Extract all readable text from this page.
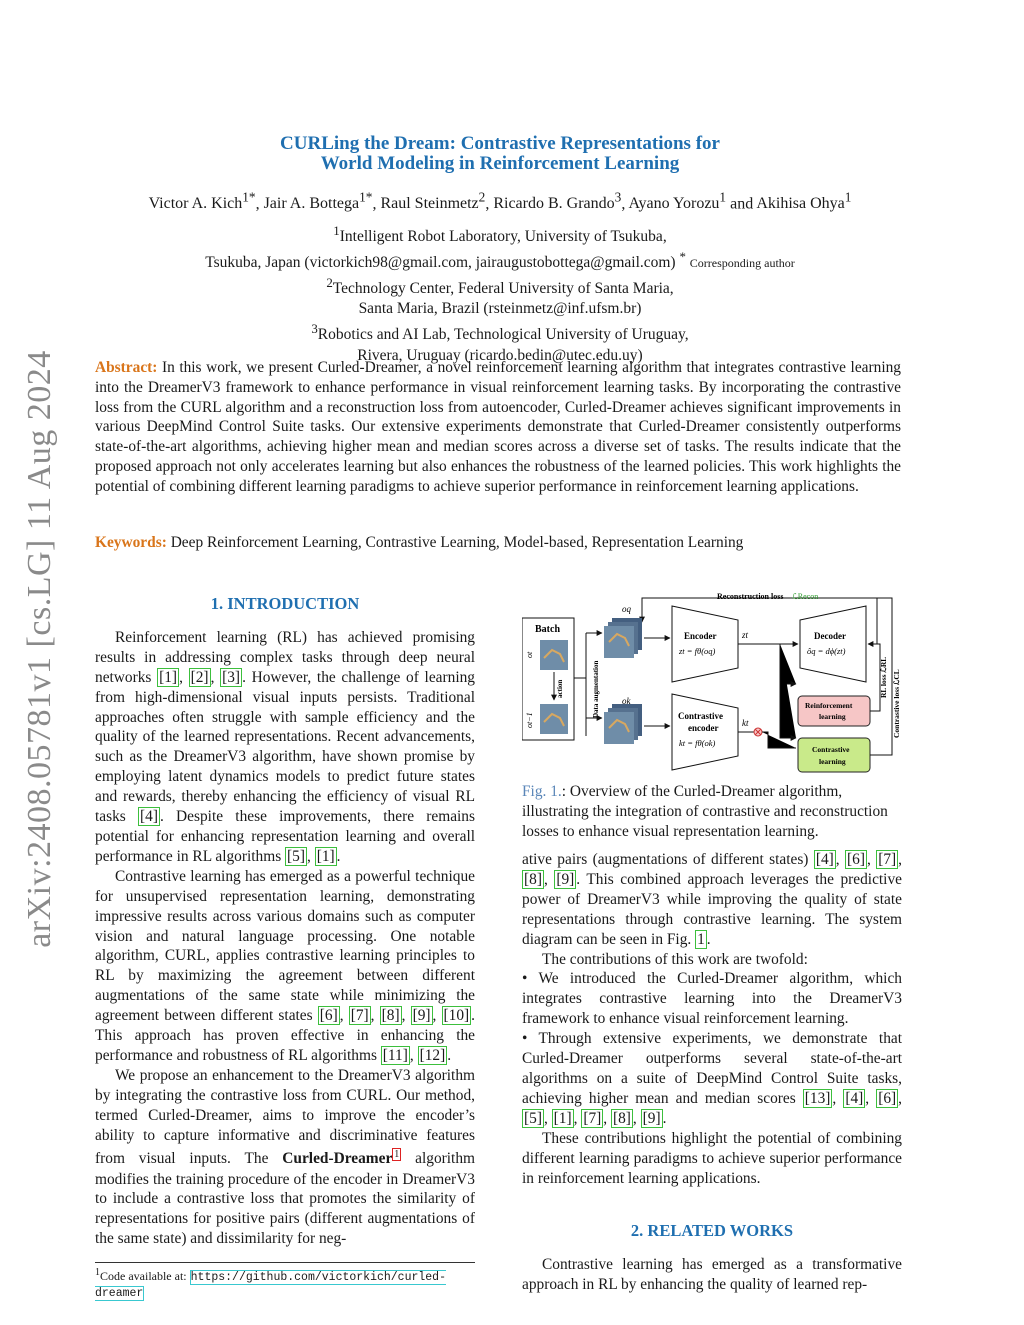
arXiv:2408.05781v1 [cs.LG] 11 Aug 2024
CURLing the Dream: Contrastive Representations for
World Modeling in Reinforcement Learning
Victor A. Kich$^{1*}$, Jair A. Bottega$^{1*}$, Raul Steinmetz$^2$, Ricardo B. Grando$^3$, Ayano Yorozu$^1$ and Akihisa Ohya$^1$
$^1$Intelligent Robot Laboratory, University of Tsukuba,
Tsukuba, Japan (victorkich98@gmail.com, jairaugustobottega@gmail.com) * Corresponding author
$^2$Technology Center, Federal University of Santa Maria,
Santa Maria, Brazil (rsteinmetz@inf.ufsm.br)
$^3$Robotics and AI Lab, Technological University of Uruguay,
Rivera, Uruguay (ricardo.bedin@utec.edu.uy)
Abstract: In this work, we present Curled-Dreamer, a novel reinforcement learning algorithm that integrates contrastive learning into the DreamerV3 framework to enhance performance in visual reinforcement learning tasks. By incorporating the contrastive loss from the CURL algorithm and a reconstruction loss from autoencoder, Curled-Dreamer achieves significant improvements in various DeepMind Control Suite tasks. Our extensive experiments demonstrate that Curled-Dreamer consistently outperforms state-of-the-art algorithms, achieving higher mean and median scores across a diverse set of tasks. The results indicate that the proposed approach not only accelerates learning but also enhances the robustness of the learned policies. This work highlights the potential of combining different learning paradigms to achieve superior performance in reinforcement learning applications.
Keywords: Deep Reinforcement Learning, Contrastive Learning, Model-based, Representation Learning
1. INTRODUCTION

Reinforcement learning (RL) has achieved promising results in addressing complex tasks through deep neural networks [1] , [2] , [3] . However, the challenge of learning from high-dimensional visual inputs persists. Traditional approaches often struggle with sample efficiency and the quality of the learned representations. Recent advancements, such as the DreamerV3 algorithm, have shown promise by employing latent dynamics models to predict future states and rewards, thereby enhancing the efficiency of visual RL tasks [4] . Despite these improvements, there remains potential for enhancing representation learning and overall performance in RL algorithms [5] , [1] .

Contrastive learning has emerged as a powerful technique for unsupervised representation learning, demonstrating impressive results across various domains such as computer vision and natural language processing. One notable algorithm, CURL, applies contrastive learning principles to RL by maximizing the agreement between different augmentations of the same state while minimizing the agreement between different states [6] , [7] , [8] , [9] , [10] . This approach has proven effective in enhancing the performance and robustness of RL algorithms [11] , [12] .

We propose an enhancement to the DreamerV3 algorithm by integrating the contrastive loss from CURL. Our method, termed Curled-Dreamer, aims to improve the encoder’s ability to capture informative and discriminative features from visual inputs. The Curled-Dreamer $^1$ algorithm modifies the training procedure of the encoder in DreamerV3 to include a contrastive loss that promotes the similarity of representations for positive pairs (different augmentations of the same state) and dissimilarity for neg-

$^1$Code available at: https://github.com/victorkich/curled-dreamer
Reconstruction loss ℒRecon
Batch
ot
ot−1
action	Data augmentation
oq
ok
Encoder
zt = fθ(oq)
Contrastive
encoder
kt = fθ(ok)
zt	Decoder
ôq = dϕ(zt)
kt
Reinforcement
learning
Contrastive
learning
RL loss ℒRL Contrastive loss ℒCL
Fig. 1.: Overview of the Curled-Dreamer algorithm, illustrating the integration of contrastive and reconstruction losses to enhance visual representation learning.

ative pairs (augmentations of different states) [4] , [6] , [7] , [8] , [9] . This combined approach leverages the predictive power of DreamerV3 while improving the quality of state representations through contrastive learning. The system diagram can be seen in Fig. 1 .

The contributions of this work are twofold:

• We introduced the Curled-Dreamer algorithm, which integrates contrastive learning into the DreamerV3 framework to enhance visual reinforcement learning.

• Through extensive experiments, we demonstrate that Curled-Dreamer outperforms several state-of-the-art algorithms on a suite of DeepMind Control Suite tasks, achieving higher mean and median scores [13] , [4] , [6] , [5] , [1] , [7] , [8] , [9] .

These contributions highlight the potential of combining different learning paradigms to achieve superior performance in reinforcement learning applications.

2. RELATED WORKS

Contrastive learning has emerged as a transformative approach in RL by enhancing the quality of learned rep-
